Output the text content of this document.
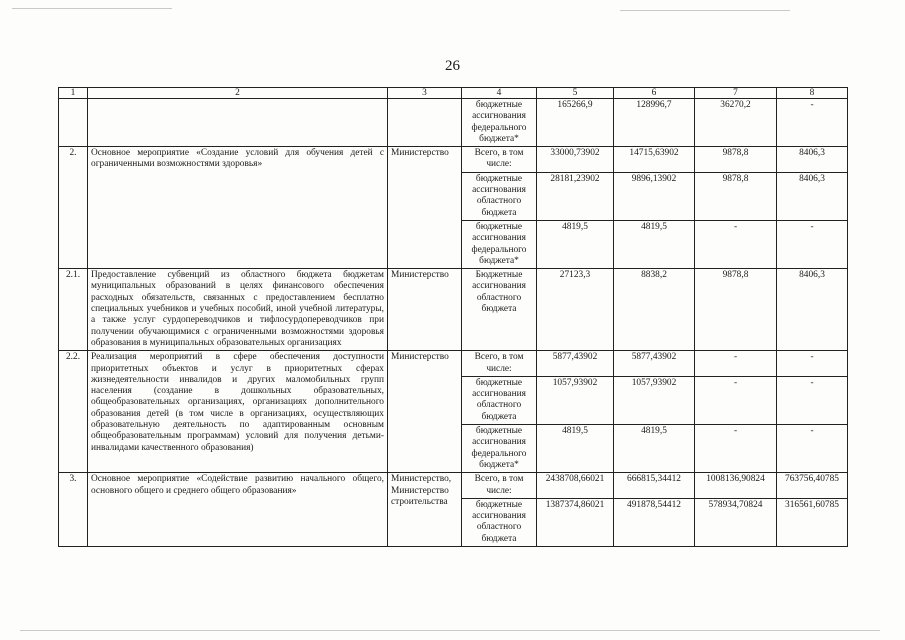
26
1	2	3	4	5	6	7	8
			бюджетные ассигнования федерального бюджета*	165266,9	128996,7	36270,2	-
2.	Основное мероприятие «Создание условий для обучения детей с ограниченными возможностями здоровья»	Министерство	Всего, в том числе:	33000,73902	14715,63902	9878,8	8406,3
			бюджетные ассигнования областного бюджета	28181,23902	9896,13902	9878,8	8406,3
			бюджетные ассигнования федерального бюджета*	4819,5	4819,5	-	-
2.1.	Предоставление субвенций из областного бюджета бюджетам муниципальных образований в целях финансового обеспечения расходных обязательств, связанных с предоставлением бесплатно специальных учебников и учебных пособий, иной учебной литературы, а также услуг сурдопереводчиков и тифлосурдопереводчиков при получении обучающимися с ограниченными возможностями здоровья образования в муниципальных образовательных организациях	Министерство	Бюджетные ассигнования областного бюджета	27123,3	8838,2	9878,8	8406,3
2.2.	Реализация мероприятий в сфере обеспечения доступности приоритетных объектов и услуг в приоритетных сферах жизнедеятельности инвалидов и других маломобильных групп населения (создание в дошкольных образовательных, общеобразовательных организациях, организациях дополнительного образования детей (в том числе в организациях, осуществляющих образовательную деятельность по адаптированным основным общеобразовательным программам) условий для получения детьми-инвалидами качественного образования)	Министерство	Всего, в том числе:	5877,43902	5877,43902	-	-
			бюджетные ассигнования областного бюджета	1057,93902	1057,93902	-	-
			бюджетные ассигнования федерального бюджета*	4819,5	4819,5	-	-
3.	Основное мероприятие «Содействие развитию начального общего, основного общего и среднего общего образования»	Министерство, Министерство строительства	Всего, в том числе:	2438708,66021	666815,34412	1008136,90824	763756,40785
			бюджетные ассигнования областного бюджета	1387374,86021	491878,54412	578934,70824	316561,60785
